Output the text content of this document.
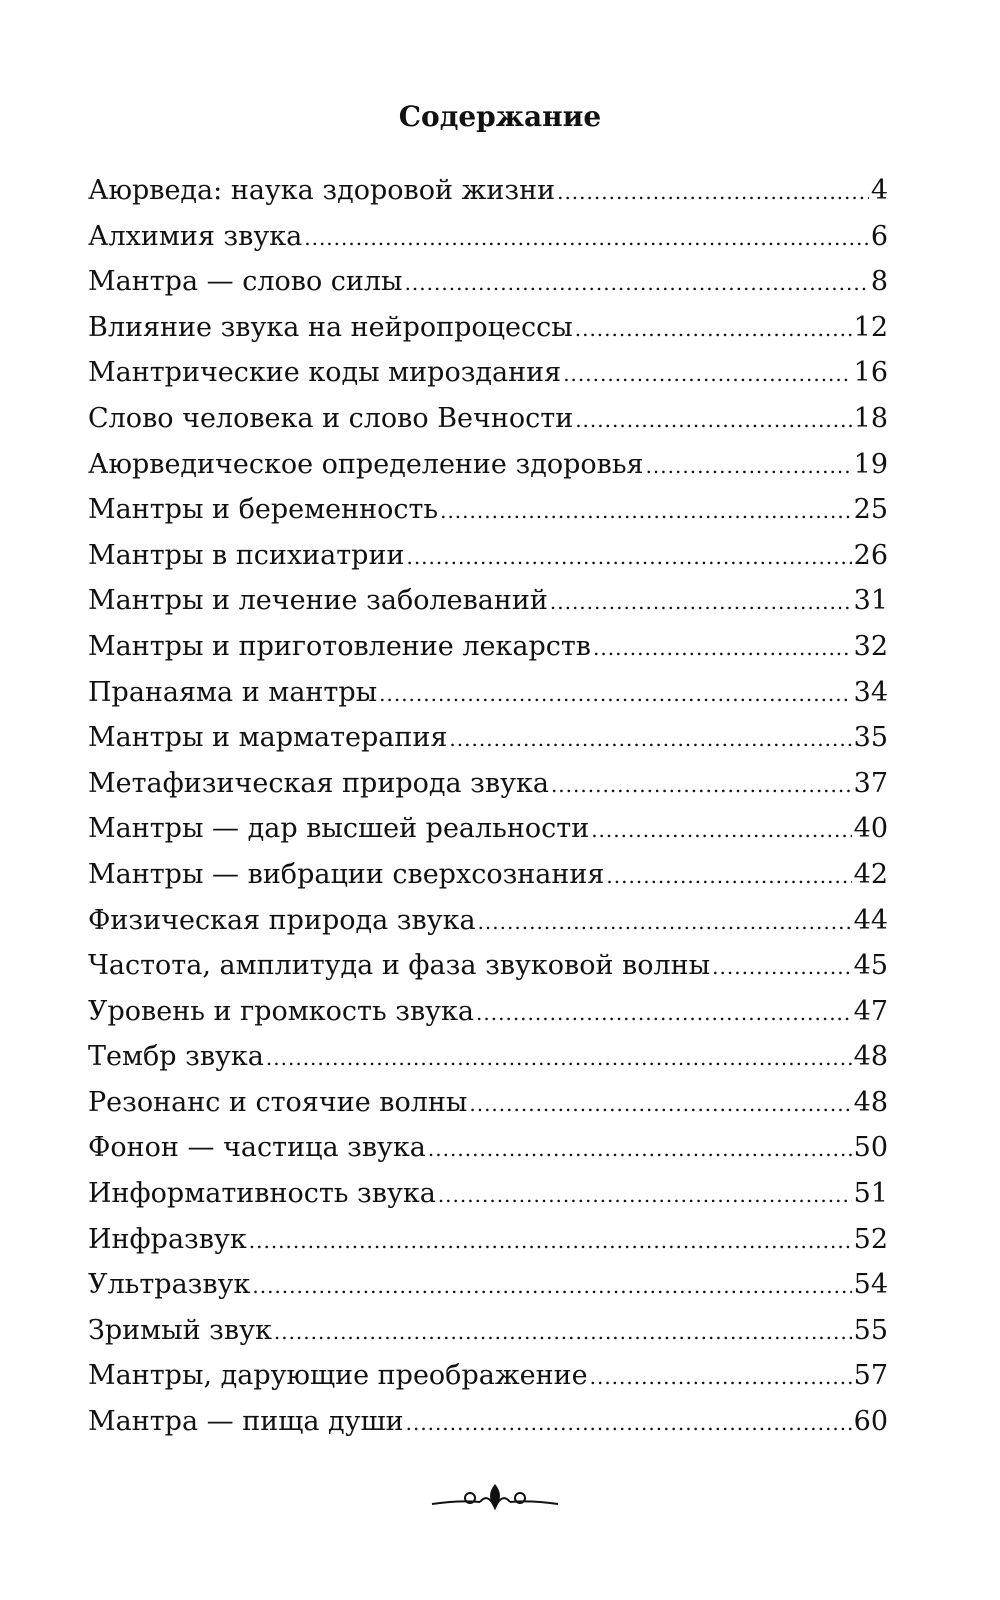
Содержание
Аюрведа: наука здоровой жизни .....	4
Алхимия звука .....	6
Мантра — слово силы .....	8
Влияние звука на нейропроцессы .....	12
Мантрические коды мироздания .....	16
Слово человека и слово Вечности .....	18
Аюрведическое определение здоровья .....	19
Мантры и беременность .....	25
Мантры в психиатрии .....	26
Мантры и лечение заболеваний .....	31
Мантры и приготовление лекарств .....	32
Пранаяма и мантры .....	34
Мантры и марматерапия .....	35
Метафизическая природа звука .....	37
Мантры — дар высшей реальности .....	40
Мантры — вибрации сверхсознания .....	42
Физическая природа звука .....	44
Частота, амплитуда и фаза звуковой волны .....	45
Уровень и громкость звука .....	47
Тембр звука .....	48
Резонанс и стоячие волны .....	48
Фонон — частица звука .....	50
Информативность звука .....	51
Инфразвук .....	52
Ультразвук .....	54
Зримый звук .....	55
Мантры, дарующие преображение .....	57
Мантра — пища души .....	60
